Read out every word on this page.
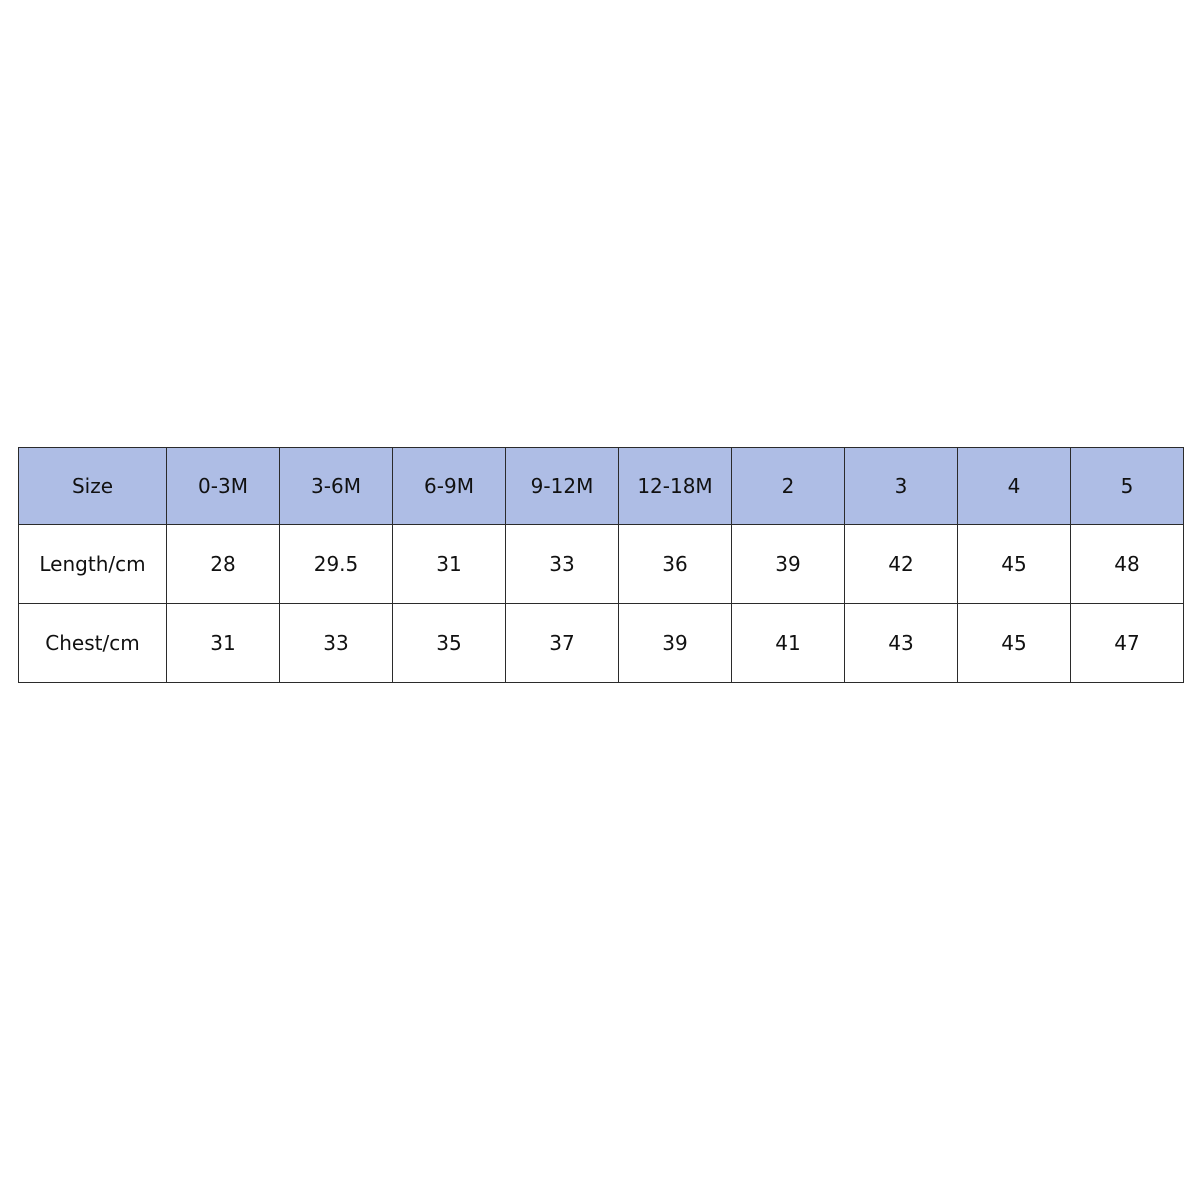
Size	0-3M	3-6M	6-9M	9-12M	12-18M	2	3	4	5
Length/cm	28	29.5	31	33	36	39	42	45	48
Chest/cm	31	33	35	37	39	41	43	45	47
